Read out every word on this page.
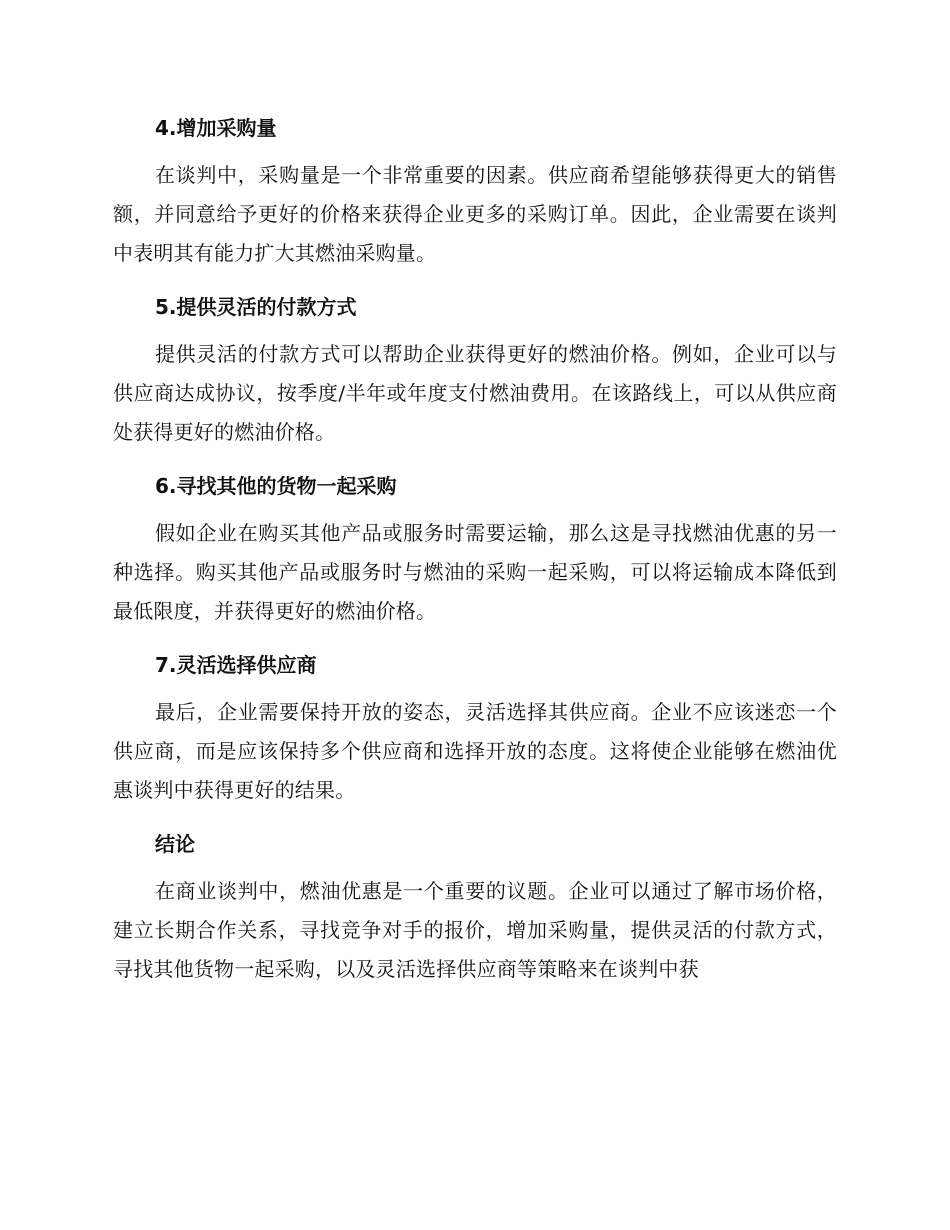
4.增加采购量

在谈判中，采购量是一个非常重要的因素。供应商希望能够获得更大的销售额，并同意给予更好的价格来获得企业更多的采购订单。因此，企业需要在谈判中表明其有能力扩大其燃油采购量。

5.提供灵活的付款方式

提供灵活的付款方式可以帮助企业获得更好的燃油价格。例如，企业可以与供应商达成协议，按季度/半年或年度支付燃油费用。在该路线上，可以从供应商处获得更好的燃油价格。

6.寻找其他的货物一起采购

假如企业在购买其他产品或服务时需要运输，那么这是寻找燃油优惠的另一种选择。购买其他产品或服务时与燃油的采购一起采购，可以将运输成本降低到最低限度，并获得更好的燃油价格。

7.灵活选择供应商

最后，企业需要保持开放的姿态，灵活选择其供应商。企业不应该迷恋一个供应商，而是应该保持多个供应商和选择开放的态度。这将使企业能够在燃油优惠谈判中获得更好的结果。

结论

在商业谈判中，燃油优惠是一个重要的议题。企业可以通过了解市场价格，建立长期合作关系，寻找竞争对手的报价，增加采购量，提供灵活的付款方式，寻找其他货物一起采购，以及灵活选择供应商等策略来在谈判中获
